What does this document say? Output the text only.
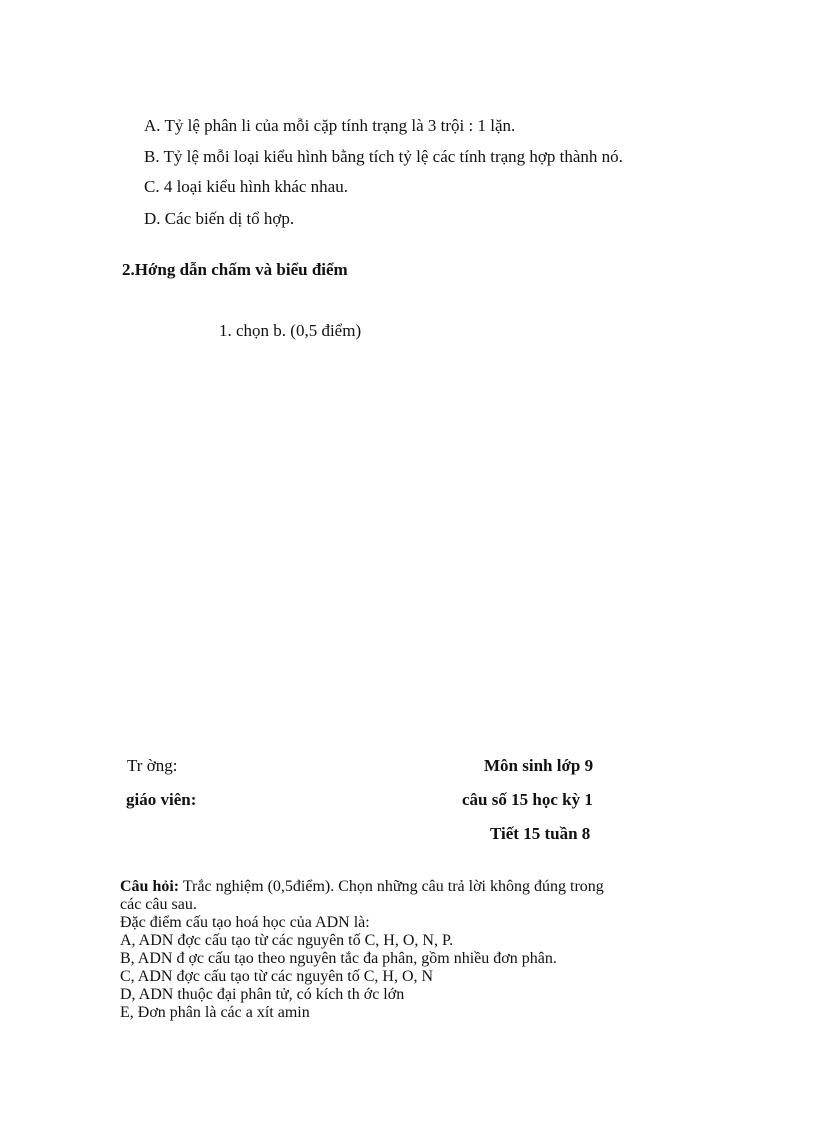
A. Tỷ lệ phân li của mỗi cặp tính trạng là 3 trội : 1 lặn.
B. Tỷ lệ mỗi loại kiểu hình bằng tích tỷ lệ các tính trạng hợp thành nó.
C. 4 loại kiểu hình khác nhau.
D. Các biến dị tổ hợp.
2.Hớng dẫn chấm và biểu điểm
1. chọn b. (0,5 điểm)
Tr ờng:
giáo viên:
Môn sinh lớp 9
câu số 15 học kỳ 1
Tiết 15 tuần 8
Câu hỏi: Trắc nghiệm (0,5điểm). Chọn những câu trả lời không đúng trong
các câu sau.
Đặc điểm cấu tạo hoá học của ADN là:
A, ADN đợc cấu tạo từ các nguyên tố C, H, O, N, P.
B, ADN đ ợc cấu tạo theo nguyên tắc đa phân, gồm nhiều đơn phân.
C, ADN đợc cấu tạo từ các nguyên tố C, H, O, N
D, ADN thuộc đại phân tử, có kích th ớc lớn
E, Đơn phân là các a xít amin
